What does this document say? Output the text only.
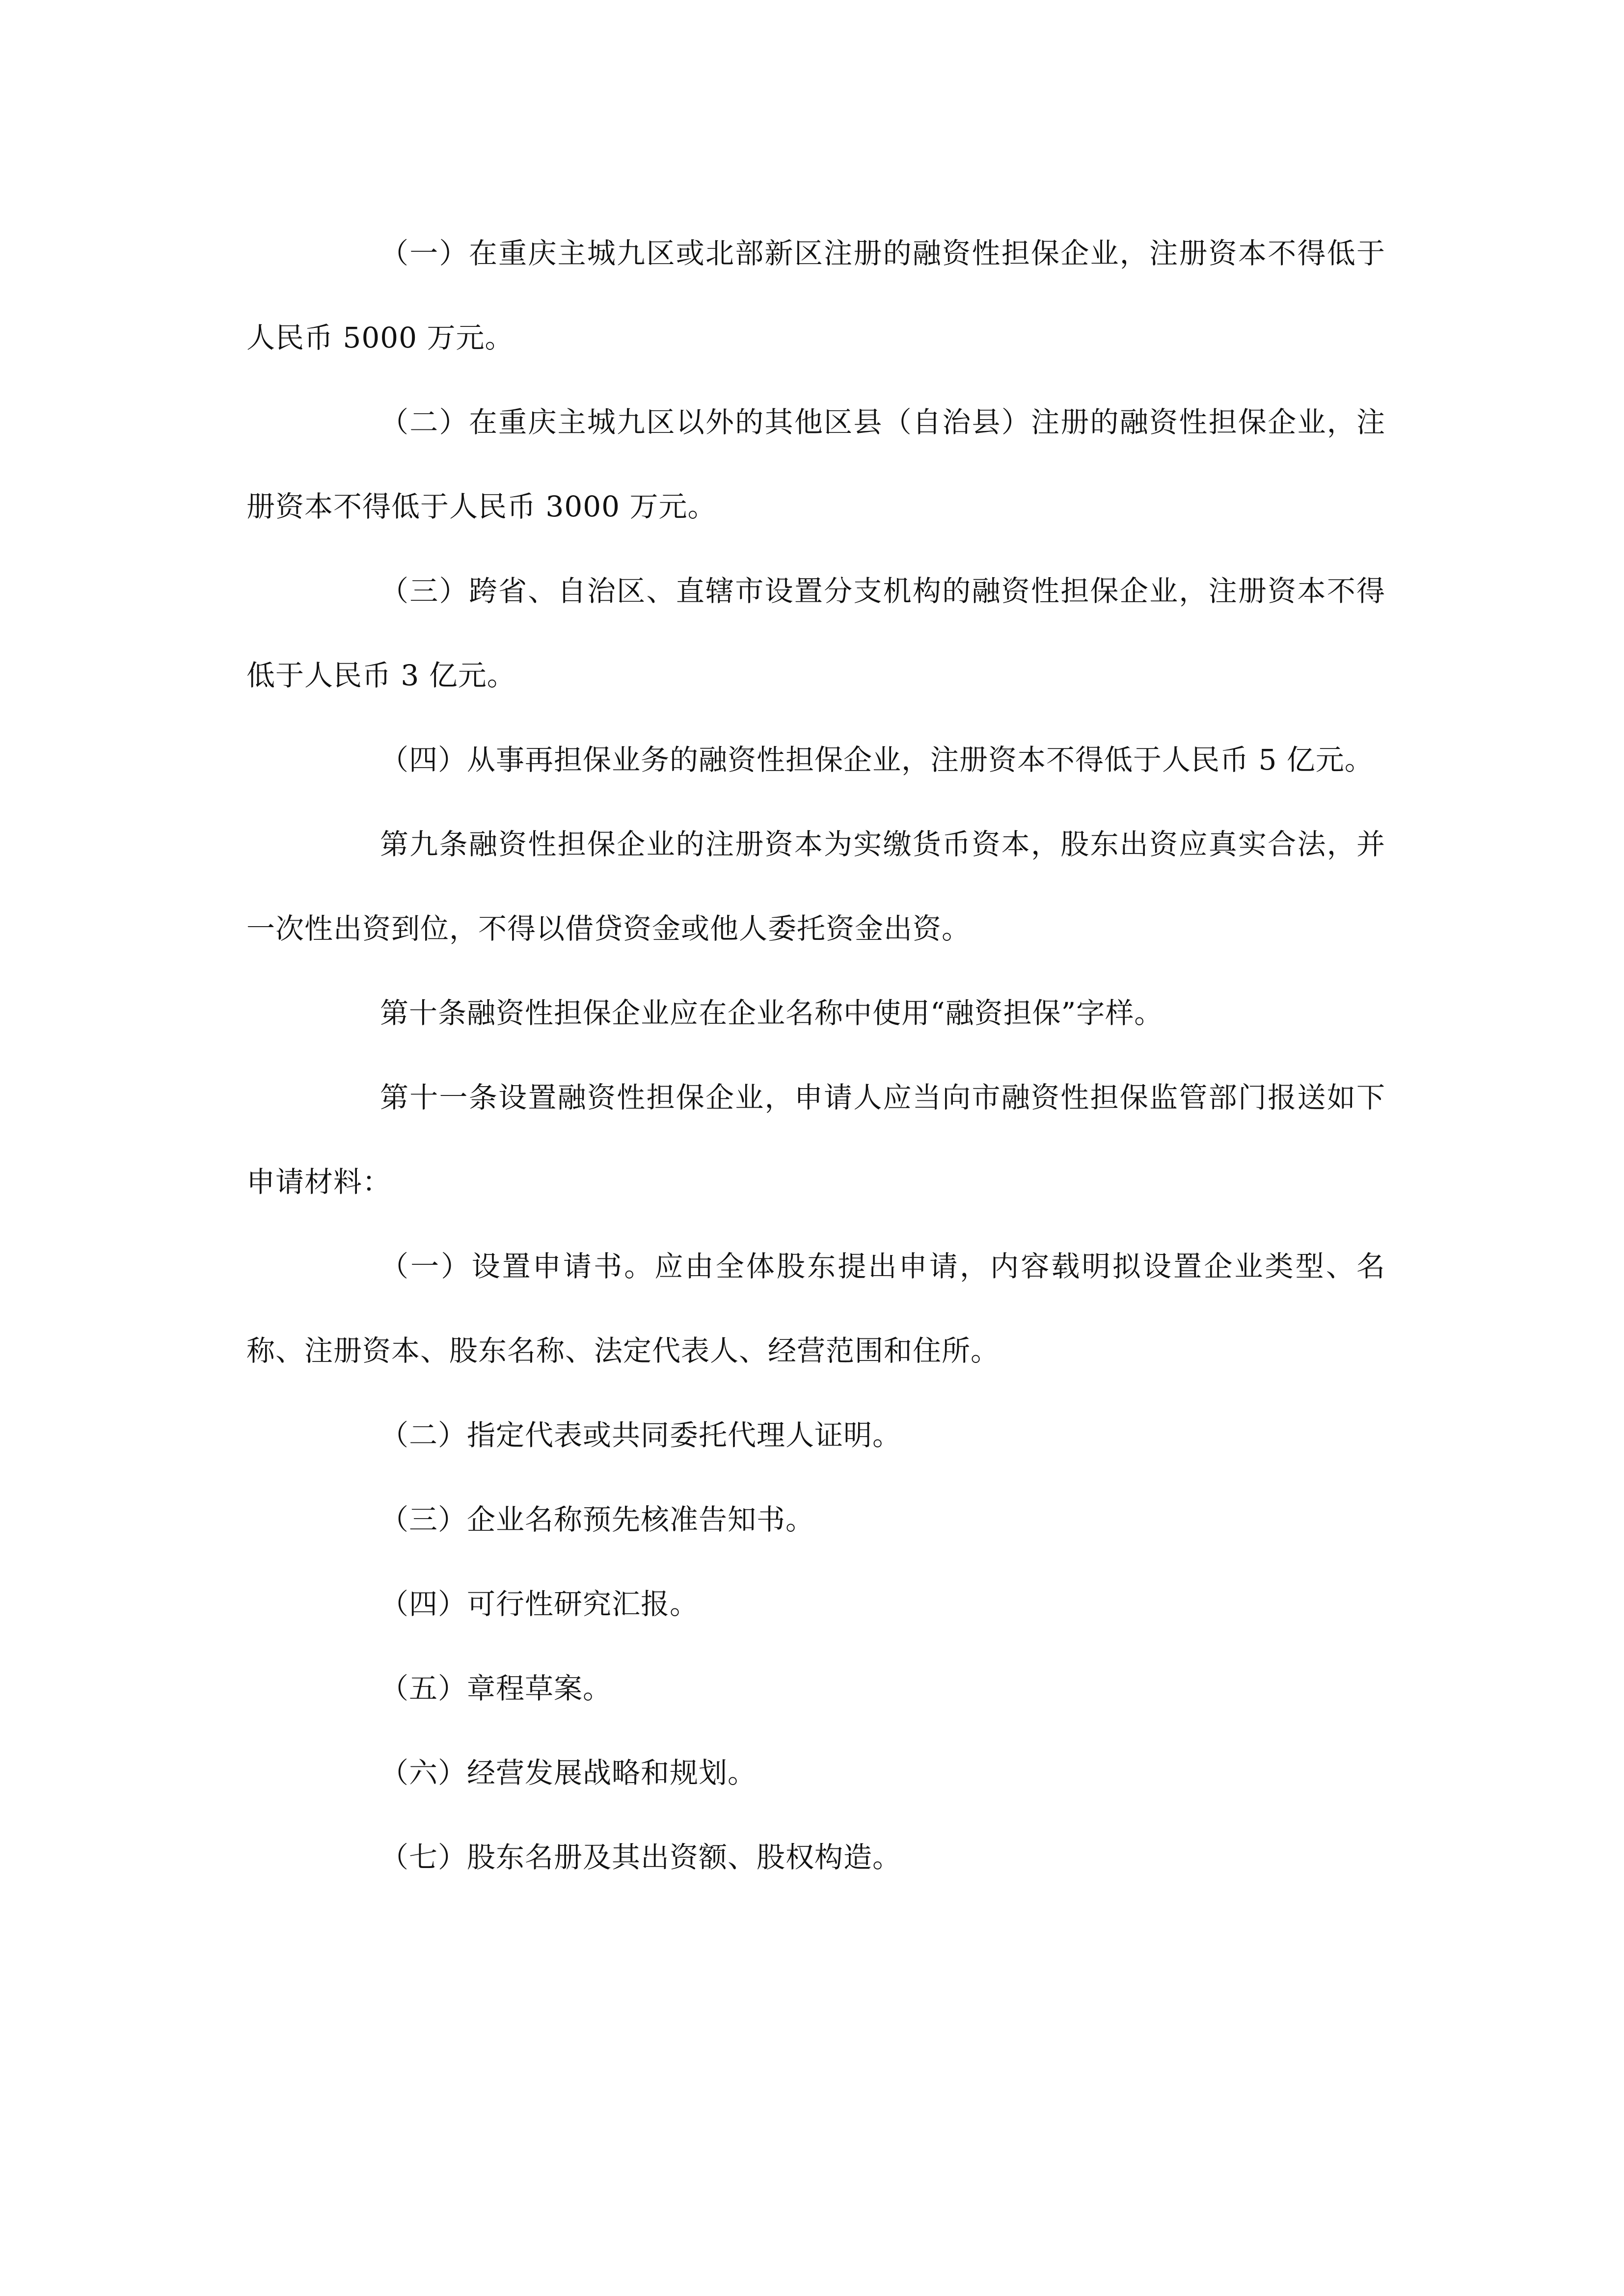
（一）在重庆主城九区或北部新区注册的融资性担保企业，注册资本不得低于人民币 5000 万元。

（二）在重庆主城九区以外的其他区县（自治县）注册的融资性担保企业，注册资本不得低于人民币 3000 万元。

（三）跨省、自治区、直辖市设置分支机构的融资性担保企业，注册资本不得低于人民币 3 亿元。

（四）从事再担保业务的融资性担保企业，注册资本不得低于人民币 5 亿元。

第九条融资性担保企业的注册资本为实缴货币资本，股东出资应真实合法，并一次性出资到位，不得以借贷资金或他人委托资金出资。

第十条融资性担保企业应在企业名称中使用“融资担保”字样。

第十一条设置融资性担保企业，申请人应当向市融资性担保监管部门报送如下申请材料：

（一）设置申请书。应由全体股东提出申请，内容载明拟设置企业类型、名称、注册资本、股东名称、法定代表人、经营范围和住所。

（二）指定代表或共同委托代理人证明。

（三）企业名称预先核准告知书。

（四）可行性研究汇报。

（五）章程草案。

（六）经营发展战略和规划。

（七）股东名册及其出资额、股权构造。
